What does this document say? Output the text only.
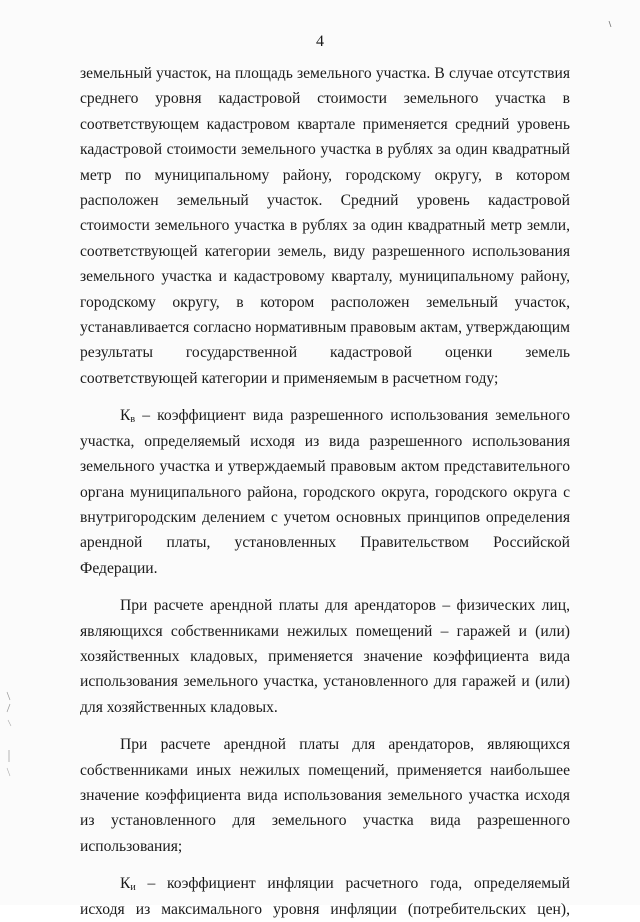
4

земельный участок, на площадь земельного участка. В случае отсутствия среднего уровня кадастровой стоимости земельного участка в соответствующем кадастровом квартале применяется средний уровень кадастровой стоимости земельного участка в рублях за один квадратный метр по муниципальному району, городскому округу, в котором расположен земельный участок. Средний уровень кадастровой стоимости земельного участка в рублях за один квадратный метр земли, соответствующей категории земель, виду разрешенного использования земельного участка и кадастровому кварталу, муниципальному району, городскому округу, в котором расположен земельный участок, устанавливается согласно нормативным правовым актам, утверждающим результаты государственной кадастровой оценки земель соответствующей категории и применяемым в расчетном году;

$К_в$ – коэффициент вида разрешенного использования земельного участка, определяемый исходя из вида разрешенного использования земельного участка и утверждаемый правовым актом представительного органа муниципального района, городского округа, городского округа с внутригородским делением с учетом основных принципов определения арендной платы, установленных Правительством Российской Федерации.

При расчете арендной платы для арендаторов – физических лиц, являющихся собственниками нежилых помещений – гаражей и (или) хозяйственных кладовых, применяется значение коэффициента вида использования земельного участка, установленного для гаражей и (или) для хозяйственных кладовых.

При расчете арендной платы для арендаторов, являющихся собственниками иных нежилых помещений, применяется наибольшее значение коэффициента вида использования земельного участка исходя из установленного для земельного участка вида разрешенного использования;

$К_и$ – коэффициент инфляции расчетного года, определяемый исходя из максимального уровня инфляции (потребительских цен),
